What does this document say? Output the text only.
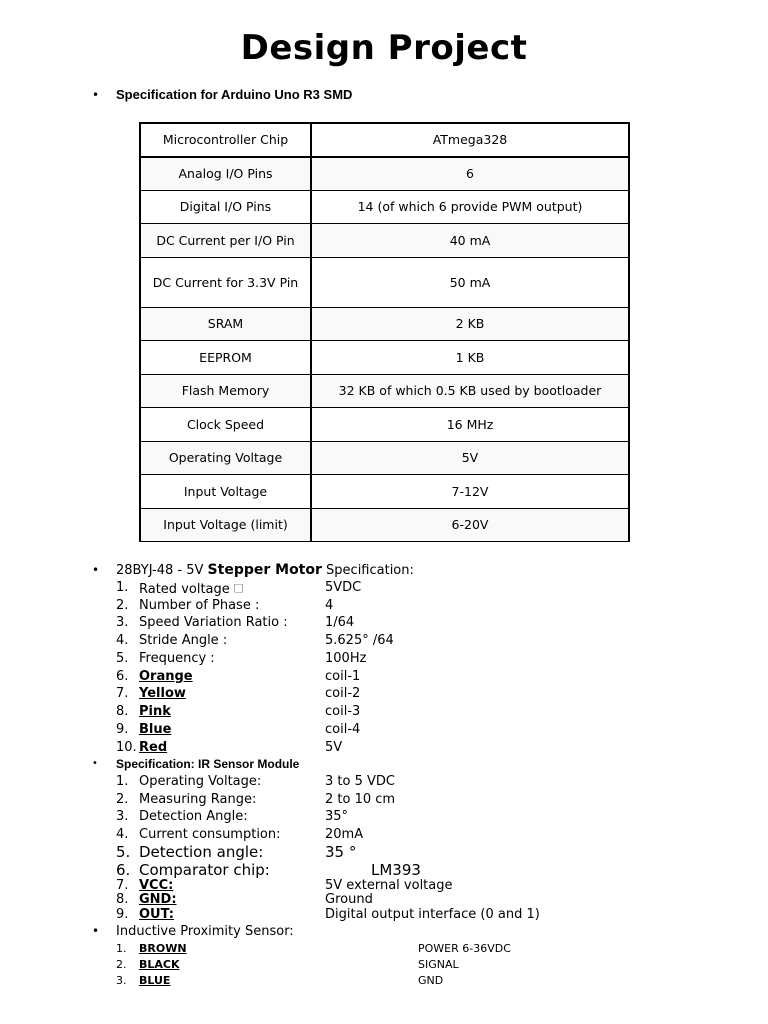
Design Project
• Specification for Arduino Uno R3 SMD
Microcontroller Chip	ATmega328
Analog I/O Pins	6
Digital I/O Pins	14 (of which 6 provide PWM output)
DC Current per I/O Pin	40 mA
DC Current for 3.3V Pin	50 mA
SRAM	2 KB
EEPROM	1 KB
Flash Memory	32 KB of which 0.5 KB used by bootloader
Clock Speed	16 MHz
Operating Voltage	5V
Input Voltage	7-12V
Input Voltage (limit)	6-20V
• 28BYJ-48 - 5V Stepper Motor Specification:
1. Rated voltage 🗆	5VDC
2. Number of Phase :	4
3. Speed Variation Ratio :	1/64
4. Stride Angle :	5.625° /64
5. Frequency :	100Hz
6. Orange	coil-1
7. Yellow	coil-2
8. Pink	coil-3
9. Blue	coil-4
10. Red	5V
• Specification: IR Sensor Module
1. Operating Voltage:	3 to 5 VDC
2. Measuring Range:	2 to 10 cm
3. Detection Angle:	35°
4. Current consumption:	20mA
5. Detection angle:	35 °
6. Comparator chip:	LM393
7. VCC:	5V external voltage
8. GND:	Ground
9. OUT:	Digital output interface (0 and 1)
• Inductive Proximity Sensor:
1. BROWN	POWER 6-36VDC
2. BLACK	SIGNAL
3. BLUE	GND
